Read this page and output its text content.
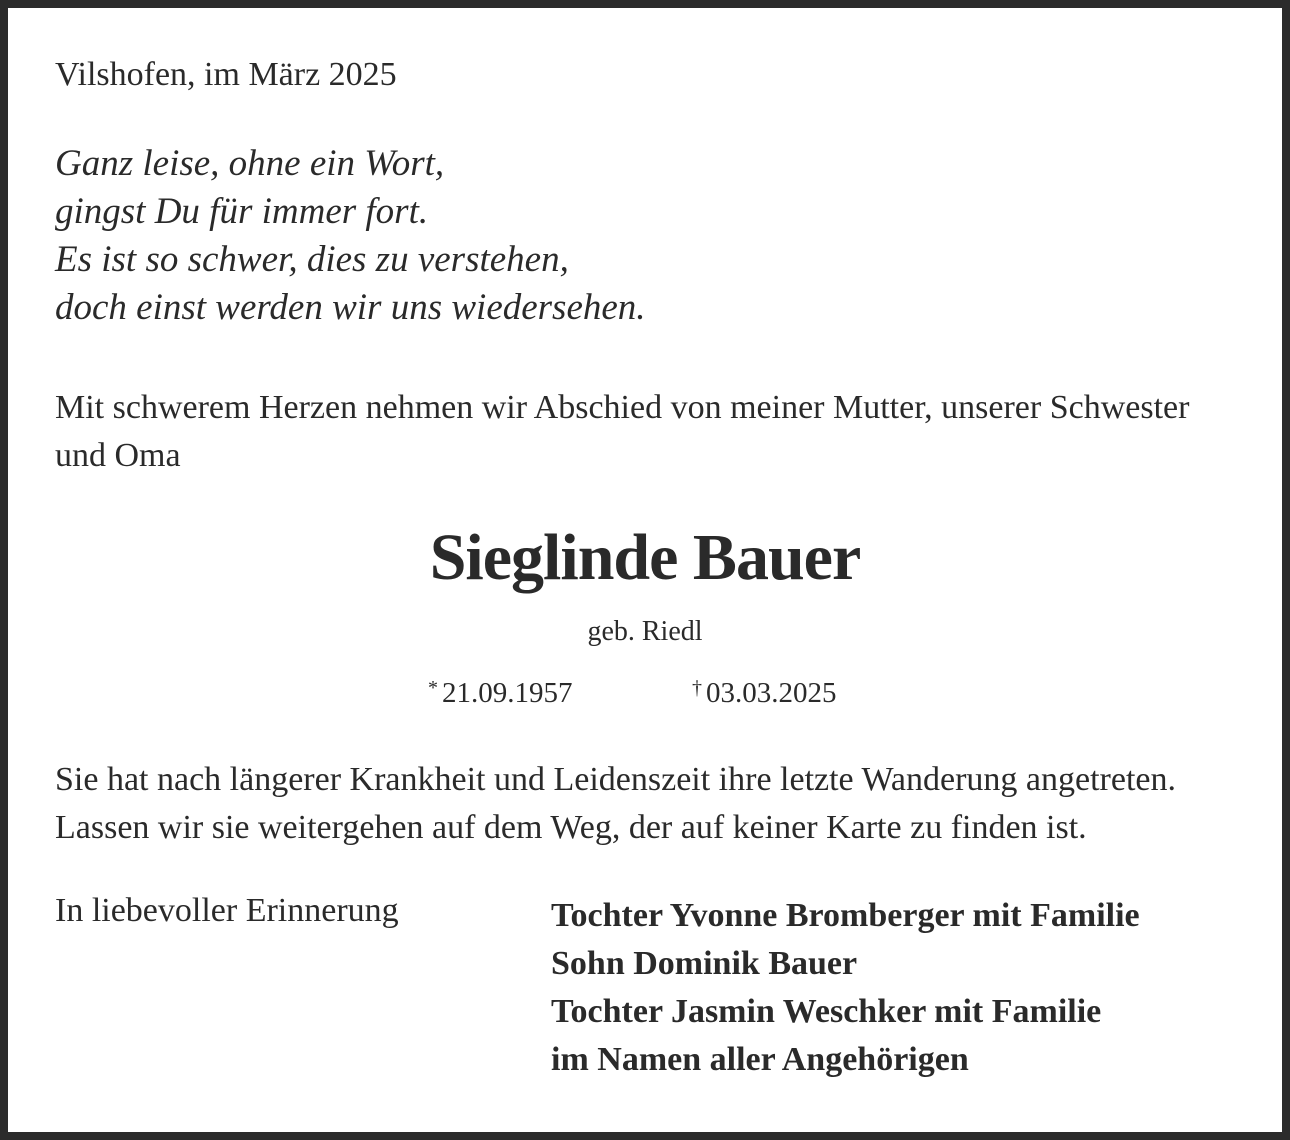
Vilshofen, im März 2025
Ganz leise, ohne ein Wort,
gingst Du für immer fort.
Es ist so schwer, dies zu verstehen,
doch einst werden wir uns wiedersehen.
Mit schwerem Herzen nehmen wir Abschied von meiner Mutter, unserer Schwester und Oma
Sieglinde Bauer
geb. Riedl
* 21.09.1957	† 03.03.2025
Sie hat nach längerer Krankheit und Leidenszeit ihre letzte Wanderung angetreten.
Lassen wir sie weitergehen auf dem Weg, der auf keiner Karte zu finden ist.
In liebevoller Erinnerung	Tochter Yvonne Bromberger mit Familie
Sohn Dominik Bauer
Tochter Jasmin Weschker mit Familie
im Namen aller Angehörigen
